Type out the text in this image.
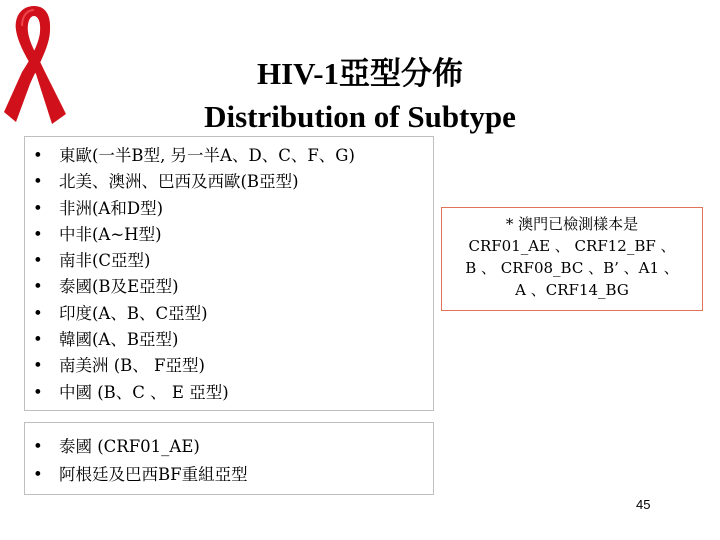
HIV-1亞型分佈
Distribution of Subtype
• 東歐(一半B型, 另一半A、D、C、F、G)
• 北美、澳洲、巴西及西歐(B亞型)
• 非洲(A和D型)
• 中非(A~H型)
• 南非(C亞型)
• 泰國(B及E亞型)
• 印度(A、B、C亞型)
• 韓國(A、B亞型)
• 南美洲 (B、 F亞型)
• 中國 (B、C 、 E 亞型)
* 澳門已檢測樣本是
CRF01_AE 、 CRF12_BF 、
B 、 CRF08_BC 、B’ 、A1 、
A 、CRF14_BG
• 泰國 (CRF01_AE)
• 阿根廷及巴西BF重組亞型
45
